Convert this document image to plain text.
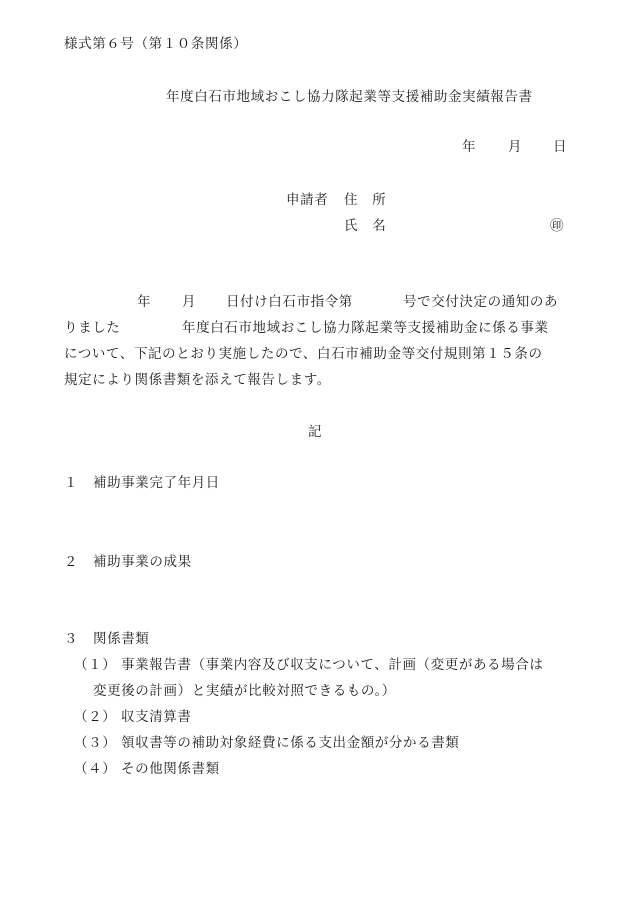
様式第６号（第１０条関係）
年度白石市地域おこし協力隊起業等支援補助金実績報告書
年 月 日
申請者 住　所
氏　名	㊞
年 月 日付け白石市指令第	号で交付決定の通知のあ
りました	年度白石市地域おこし協力隊起業等支援補助金に係る事業
について、下記のとおり実施したので、白石市補助金等交付規則第１５条の
規定により関係書類を添えて報告します。
記
１ 補助事業完了年月日
２ 補助事業の成果
３ 関係書類
（１） 事業報告書（事業内容及び収支について、計画（変更がある場合は
変更後の計画）と実績が比較対照できるもの。）
（２） 収支清算書
（３） 領収書等の補助対象経費に係る支出金額が分かる書類
（４） その他関係書類
